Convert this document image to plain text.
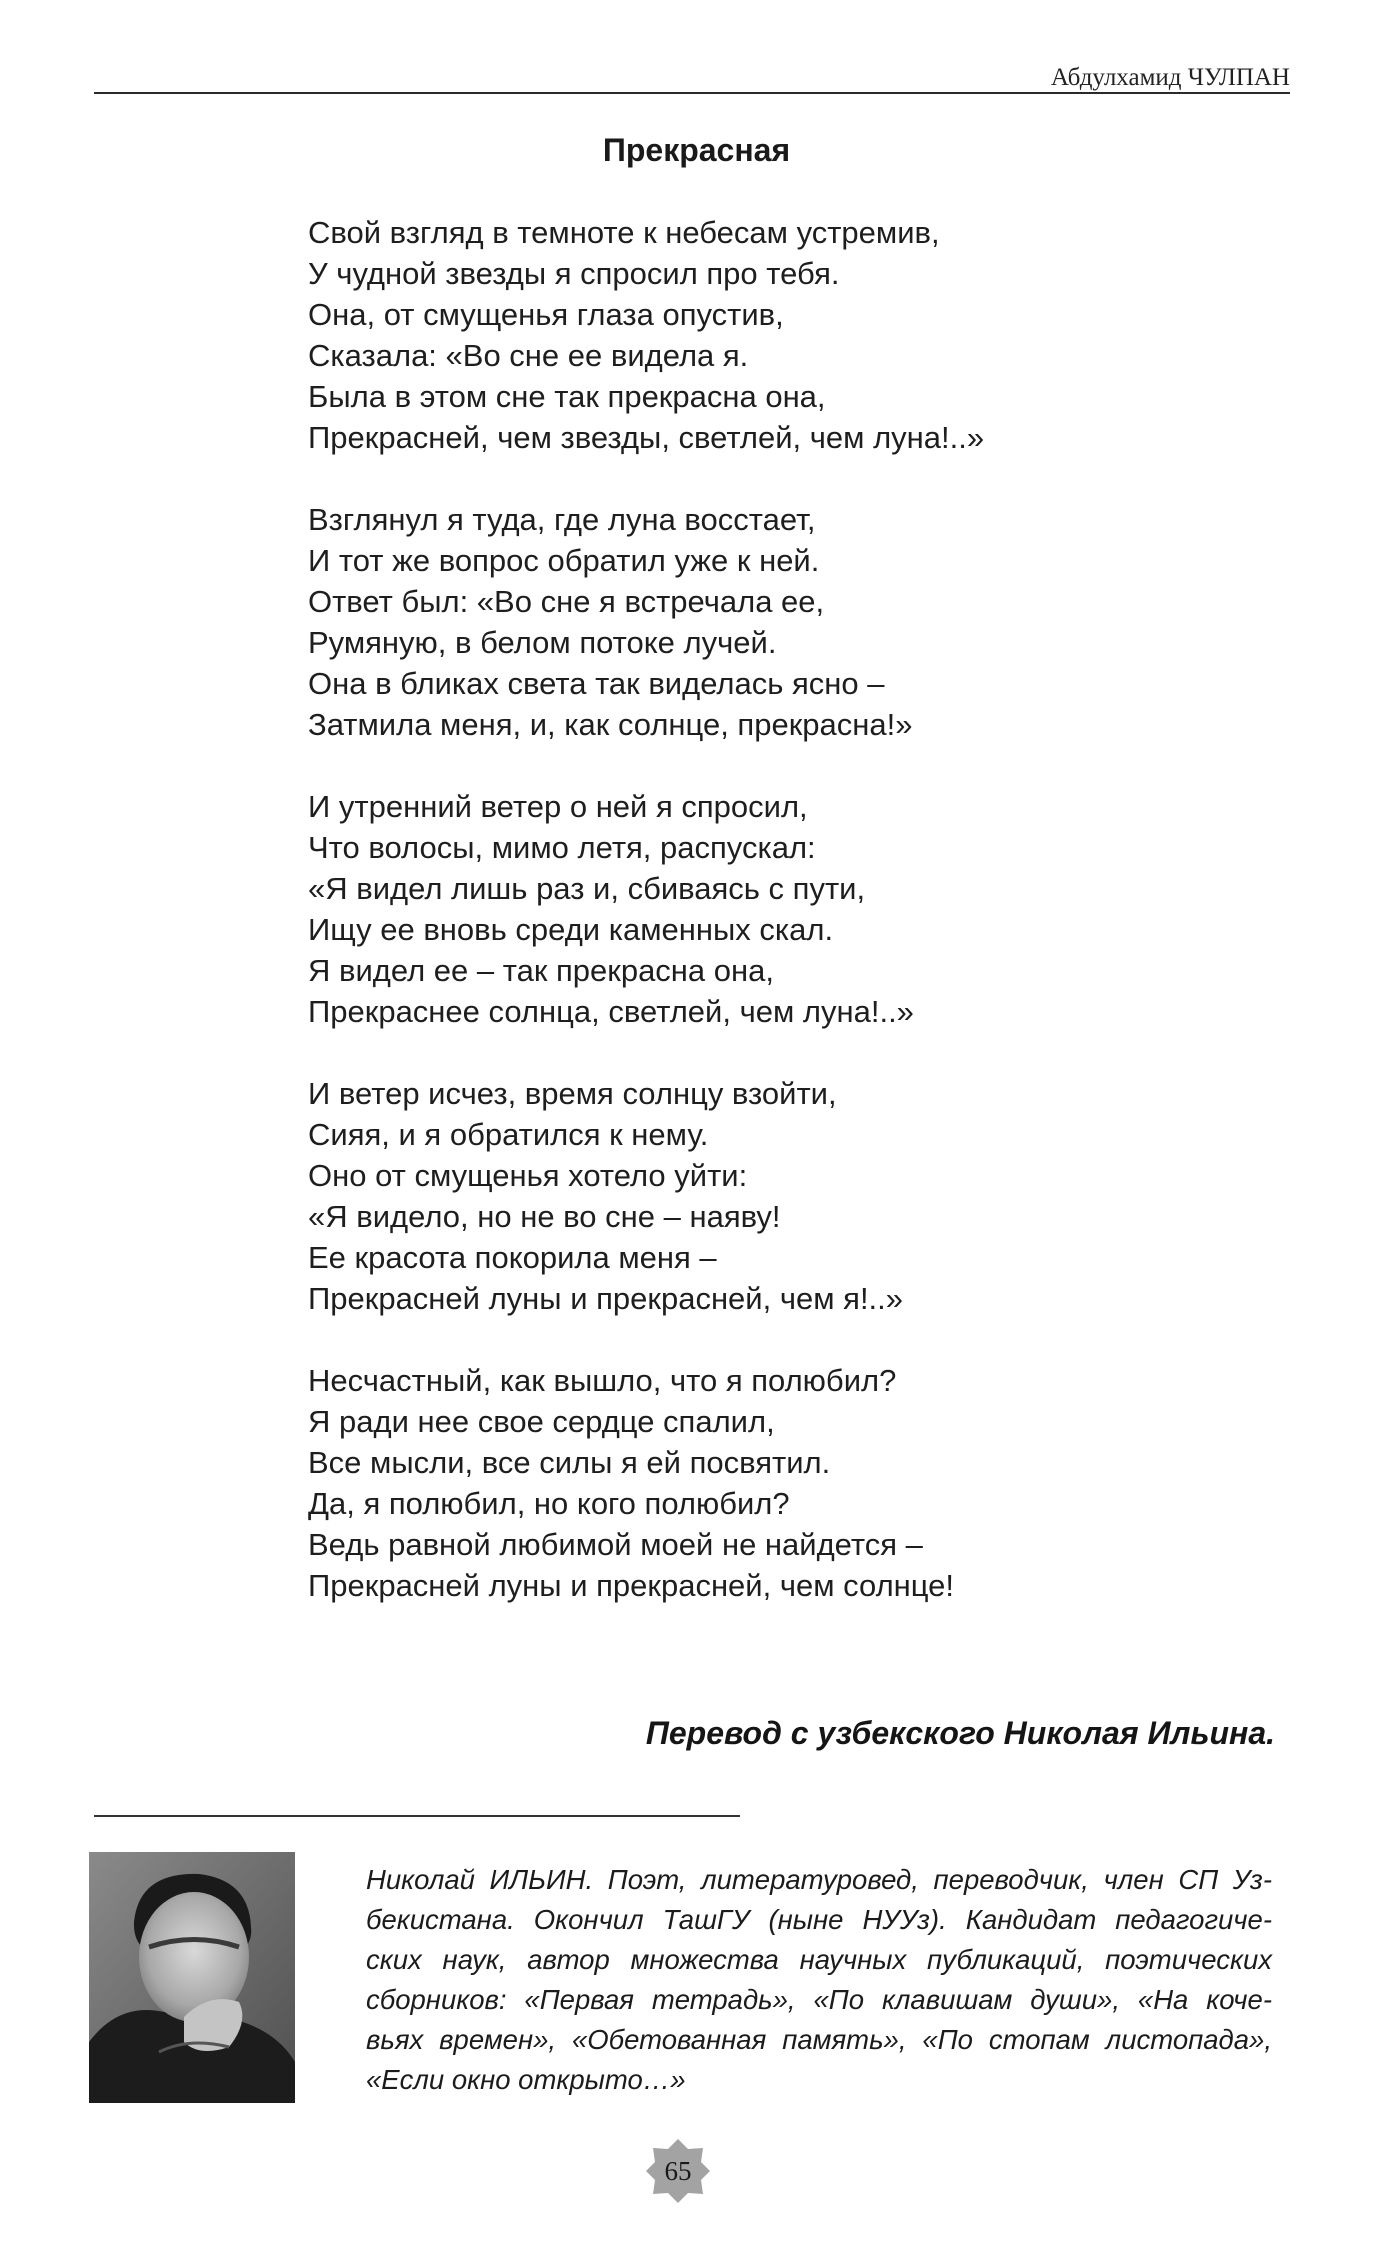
Абдулхамид ЧУЛПАН
Прекрасная
Свой взгляд в темноте к небесам устремив,
У чудной звезды я спросил про тебя.
Она, от смущенья глаза опустив,
Сказала: «Во сне ее видела я.
Была в этом сне так прекрасна она,
Прекрасней, чем звезды, светлей, чем луна!..»
Взглянул я туда, где луна восстает,
И тот же вопрос обратил уже к ней.
Ответ был: «Во сне я встречала ее,
Румяную, в белом потоке лучей.
Она в бликах света так виделась ясно –
Затмила меня, и, как солнце, прекрасна!»
И утренний ветер о ней я спросил,
Что волосы, мимо летя, распускал:
«Я видел лишь раз и, сбиваясь с пути,
Ищу ее вновь среди каменных скал.
Я видел ее – так прекрасна она,
Прекраснее солнца, светлей, чем луна!..»
И ветер исчез, время солнцу взойти,
Сияя, и я обратился к нему.
Оно от смущенья хотело уйти:
«Я видело, но не во сне – наяву!
Ее красота покорила меня –
Прекрасней луны и прекрасней, чем я!..»
Несчастный, как вышло, что я полюбил?
Я ради нее свое сердце спалил,
Все мысли, все силы я ей посвятил.
Да, я полюбил, но кого полюбил?
Ведь равной любимой моей не найдется –
Прекрасней луны и прекрасней, чем солнце!
Перевод с узбекского Николая Ильина.
Николай ИЛЬИН. Поэт, литературовед, переводчик, член СП Уз-
бекистана. Окончил ТашГУ (ныне НУУз). Кандидат педагогиче-
ских наук, автор множества научных публикаций, поэтических
сборников: «Первая тетрадь», «По клавишам души», «На коче-
вьях времен», «Обетованная память», «По стопам листопада»,
«Если окно открыто…»
65
